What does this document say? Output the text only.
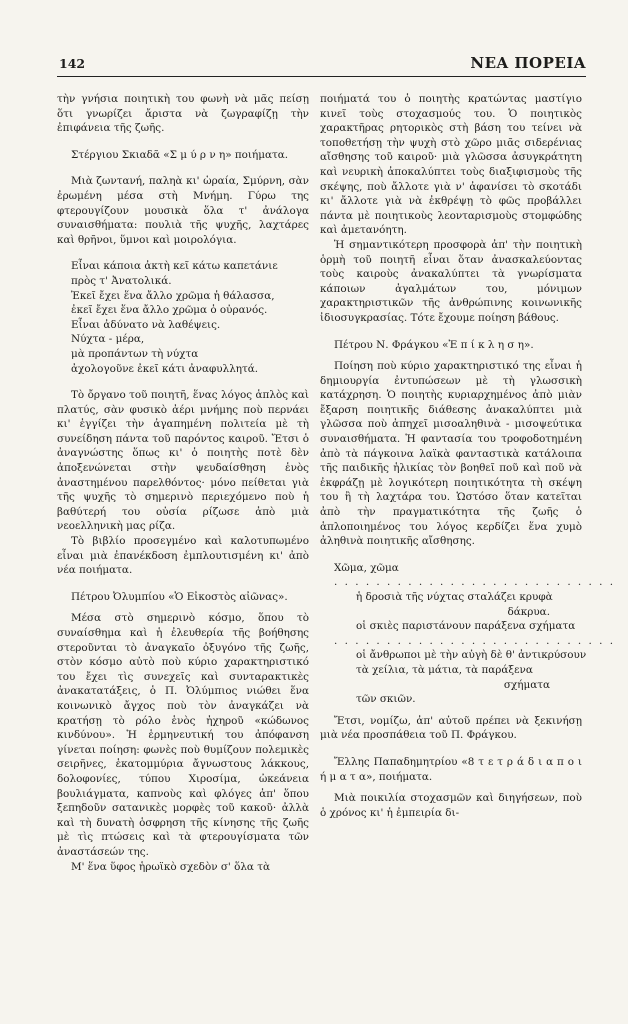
142	ΝΕΑ ΠΟΡΕΙΑ

τὴν γνήσια ποιητικὴ του φωνὴ νὰ μᾶς πείσῃ ὅτι γνωρίζει ἄριστα νὰ ζωγραφίζῃ τὴν ἐπιφάνεια τῆς ζωῆς.

Στέργιου Σκιαδᾶ «Σ μ ύ ρ ν η» ποιήματα.

Μιὰ ζωντανή, παληὰ κι' ὡραία, Σμύρνη, σὰν ἐρωμένη μέσα στὴ Μνήμη. Γύρω της φτερουγίζουν μουσικὰ ὅλα τ' ἀνάλογα συναισθήματα: πουλιὰ τῆς ψυχῆς, λαχτάρες καὶ θρῆνοι, ὕμνοι καὶ μοιρολόγια.

Εἶναι κάποια ἀκτὴ κεῖ κάτω καπετάνιε
πρὸς τ' Ἀνατολικά.
Ἐκεῖ ἔχει ἕνα ἄλλο χρῶμα ἡ θάλασσα,
ἐκεῖ ἔχει ἕνα ἄλλο χρῶμα ὁ οὐρανός.
Εἶναι ἀδύνατο νὰ λαθέψεις.
Νύχτα - μέρα,
μὰ προπάντων τὴ νύχτα
ἀχολογοῦνε ἐκεῖ κάτι ἀναφυλλητά.

Τὸ ὄργανο τοῦ ποιητῆ, ἕνας λόγος ἁπλὸς καὶ πλατύς, σὰν φυσικὸ ἀέρι μνήμης ποὺ περνάει κι' ἐγγίζει τὴν ἀγαπημένη πολιτεία μὲ τὴ συνείδηση πάντα τοῦ παρόντος καιροῦ. Ἔτσι ὁ ἀναγνώστης ὅπως κι' ὁ ποιητὴς ποτὲ δὲν ἀποξενώνεται στὴν ψευδαίσθηση ἑνὸς ἀναστημένου παρελθόντος· μόνο πείθεται γιὰ τῆς ψυχῆς τὸ σημερινὸ περιεχόμενο ποὺ ἡ βαθύτερή του οὐσία ρίζωσε ἀπὸ μιὰ νεοελληνικὴ μας ρίζα.

Τὸ βιβλίο προσεγμένο καὶ καλοτυπωμένο εἶναι μιὰ ἐπανέκδοση ἐμπλουτισμένη κι' ἀπὸ νέα ποιήματα.

Πέτρου Ὀλυμπίου «Ὁ Εἰκοστὸς αἰῶνας».

Μέσα στὸ σημερινὸ κόσμο, ὅπου τὸ συναίσθημα καὶ ἡ ἐλευθερία τῆς βοήθησης στεροῦνται τὸ ἀναγκαῖο ὀξυγόνο τῆς ζωῆς, στὸν κόσμο αὐτὸ ποὺ κύριο χαρακτηριστικό του ἔχει τὶς συνεχεῖς καὶ συνταρακτικὲς ἀνακατατάξεις, ὁ Π. Ὀλύμπιος νιώθει ἕνα κοινωνικὸ ἄγχος ποὺ τὸν ἀναγκάζει νὰ κρατήσῃ τὸ ρόλο ἑνὸς ἠχηροῦ «κώδωνος κινδύνου». Ἡ ἑρμηνευτική του ἀπόφανση γίνεται ποίηση: φωνὲς ποὺ θυμίζουν πολεμικὲς σειρῆνες, ἑκατομμύρια ἄγνωστους λάκκους, δολοφονίες, τύπου Χιροσίμα, ὠκεάνεια βουλιάγματα, καπνοὺς καὶ φλόγες ἀπ' ὅπου ξεπηδοῦν σατανικὲς μορφὲς τοῦ κακοῦ· ἀλλὰ καὶ τὴ δυνατὴ ὁσφρηση τῆς κίνησης τῆς ζωῆς μὲ τὶς πτώσεις καὶ τὰ φτερουγίσματα τῶν ἀναστάσεών της.

Μ' ἕνα ὕφος ἡρωϊκὸ σχεδὸν σ' ὅλα τὰ

ποιήματά του ὁ ποιητὴς κρατώντας μαστίγιο κινεῖ τοὺς στοχασμούς του. Ὁ ποιητικὸς χαρακτῆρας ρητορικὸς στὴ βάση του τείνει νὰ τοποθετήσῃ τὴν ψυχὴ στὸ χῶρο μιᾶς σιδερένιας αἴσθησης τοῦ καιροῦ· μιὰ γλῶσσα ἀσυγκράτητη καὶ νευρικὴ ἀποκαλύπτει τοὺς διαξιφισμοὺς τῆς σκέψης, ποὺ ἄλλοτε γιὰ ν' ἀφανίσει τὸ σκοτάδι κι' ἄλλοτε γιὰ νὰ ἐκθρέψῃ τὸ φῶς προβάλλει πάντα μὲ ποιητικοὺς λεονταρισμοὺς στομφώδης καὶ ἀμετανόητη.

Ἡ σημαντικότερη προσφορὰ ἀπ' τὴν ποιητικὴ ὁρμὴ τοῦ ποιητῆ εἶναι ὅταν ἀνασκαλεύοντας τοὺς καιροὺς ἀνακαλύπτει τὰ γνωρίσματα κάποιων ἀγαλμάτων του, μόνιμων χαρακτηριστικῶν τῆς ἀνθρώπινης κοινωνικῆς ἰδιοσυγκρασίας. Τότε ἔχουμε ποίηση βάθους.

Πέτρου Ν. Φράγκου «Ἐ π ί κ λ η σ η».

Ποίηση ποὺ κύριο χαρακτηριστικό της εἶναι ἡ δημιουργία ἐντυπώσεων μὲ τὴ γλωσσικὴ κατάχρηση. Ὁ ποιητὴς κυριαρχημένος ἀπὸ μιὰν ἔξαρση ποιητικῆς διάθεσης ἀνακαλύπτει μιὰ γλῶσσα ποὺ ἀπηχεῖ μισοαληθινὰ - μισοψεύτικα συναισθήματα. Ἡ φαντασία του τροφοδοτημένη ἀπὸ τὰ πάγκοινα λαϊκὰ φανταστικὰ κατάλοιπα τῆς παιδικῆς ἡλικίας τὸν βοηθεῖ ποῦ καὶ ποῦ νὰ ἐκφράζῃ μὲ λογικότερη ποιητικότητα τὴ σκέψη του ἢ τὴ λαχτάρα του. Ὡστόσο ὅταν κατεῖται ἀπὸ τὴν πραγματικότητα τῆς ζωῆς ὁ ἁπλοποιημένος του λόγος κερδίζει ἕνα χυμὸ ἀληθινὰ ποιητικῆς αἴσθησης.

Χῶμα, χῶμα
. . . . . . . . . . . . . . . . . . . . . . . . . . .
ἡ δροσιὰ τῆς νύχτας σταλάζει κρυφὰ
δάκρυα.
οἱ σκιὲς παριστάνουν παράξενα σχήματα
. . . . . . . . . . . . . . . . . . . . . . . . . . .
οἱ ἄνθρωποι μὲ τὴν αὐγὴ δὲ θ' ἀντικρύσουν
τὰ χείλια, τὰ μάτια, τὰ παράξενα
σχήματα
τῶν σκιῶν.

Ἔτσι, νομίζω, ἀπ' αὐτοῦ πρέπει νὰ ξεκινήσῃ μιὰ νέα προσπάθεια τοῦ Π. Φράγκου.

Ἔλλης Παπαδημητρίου «8 τ ε τ ρ ά δ ι α π ο ι ή μ α τ α», ποιήματα.

Μιὰ ποικιλία στοχασμῶν καὶ διηγήσεων, ποὺ ὁ χρόνος κι' ἡ ἐμπειρία δι-
